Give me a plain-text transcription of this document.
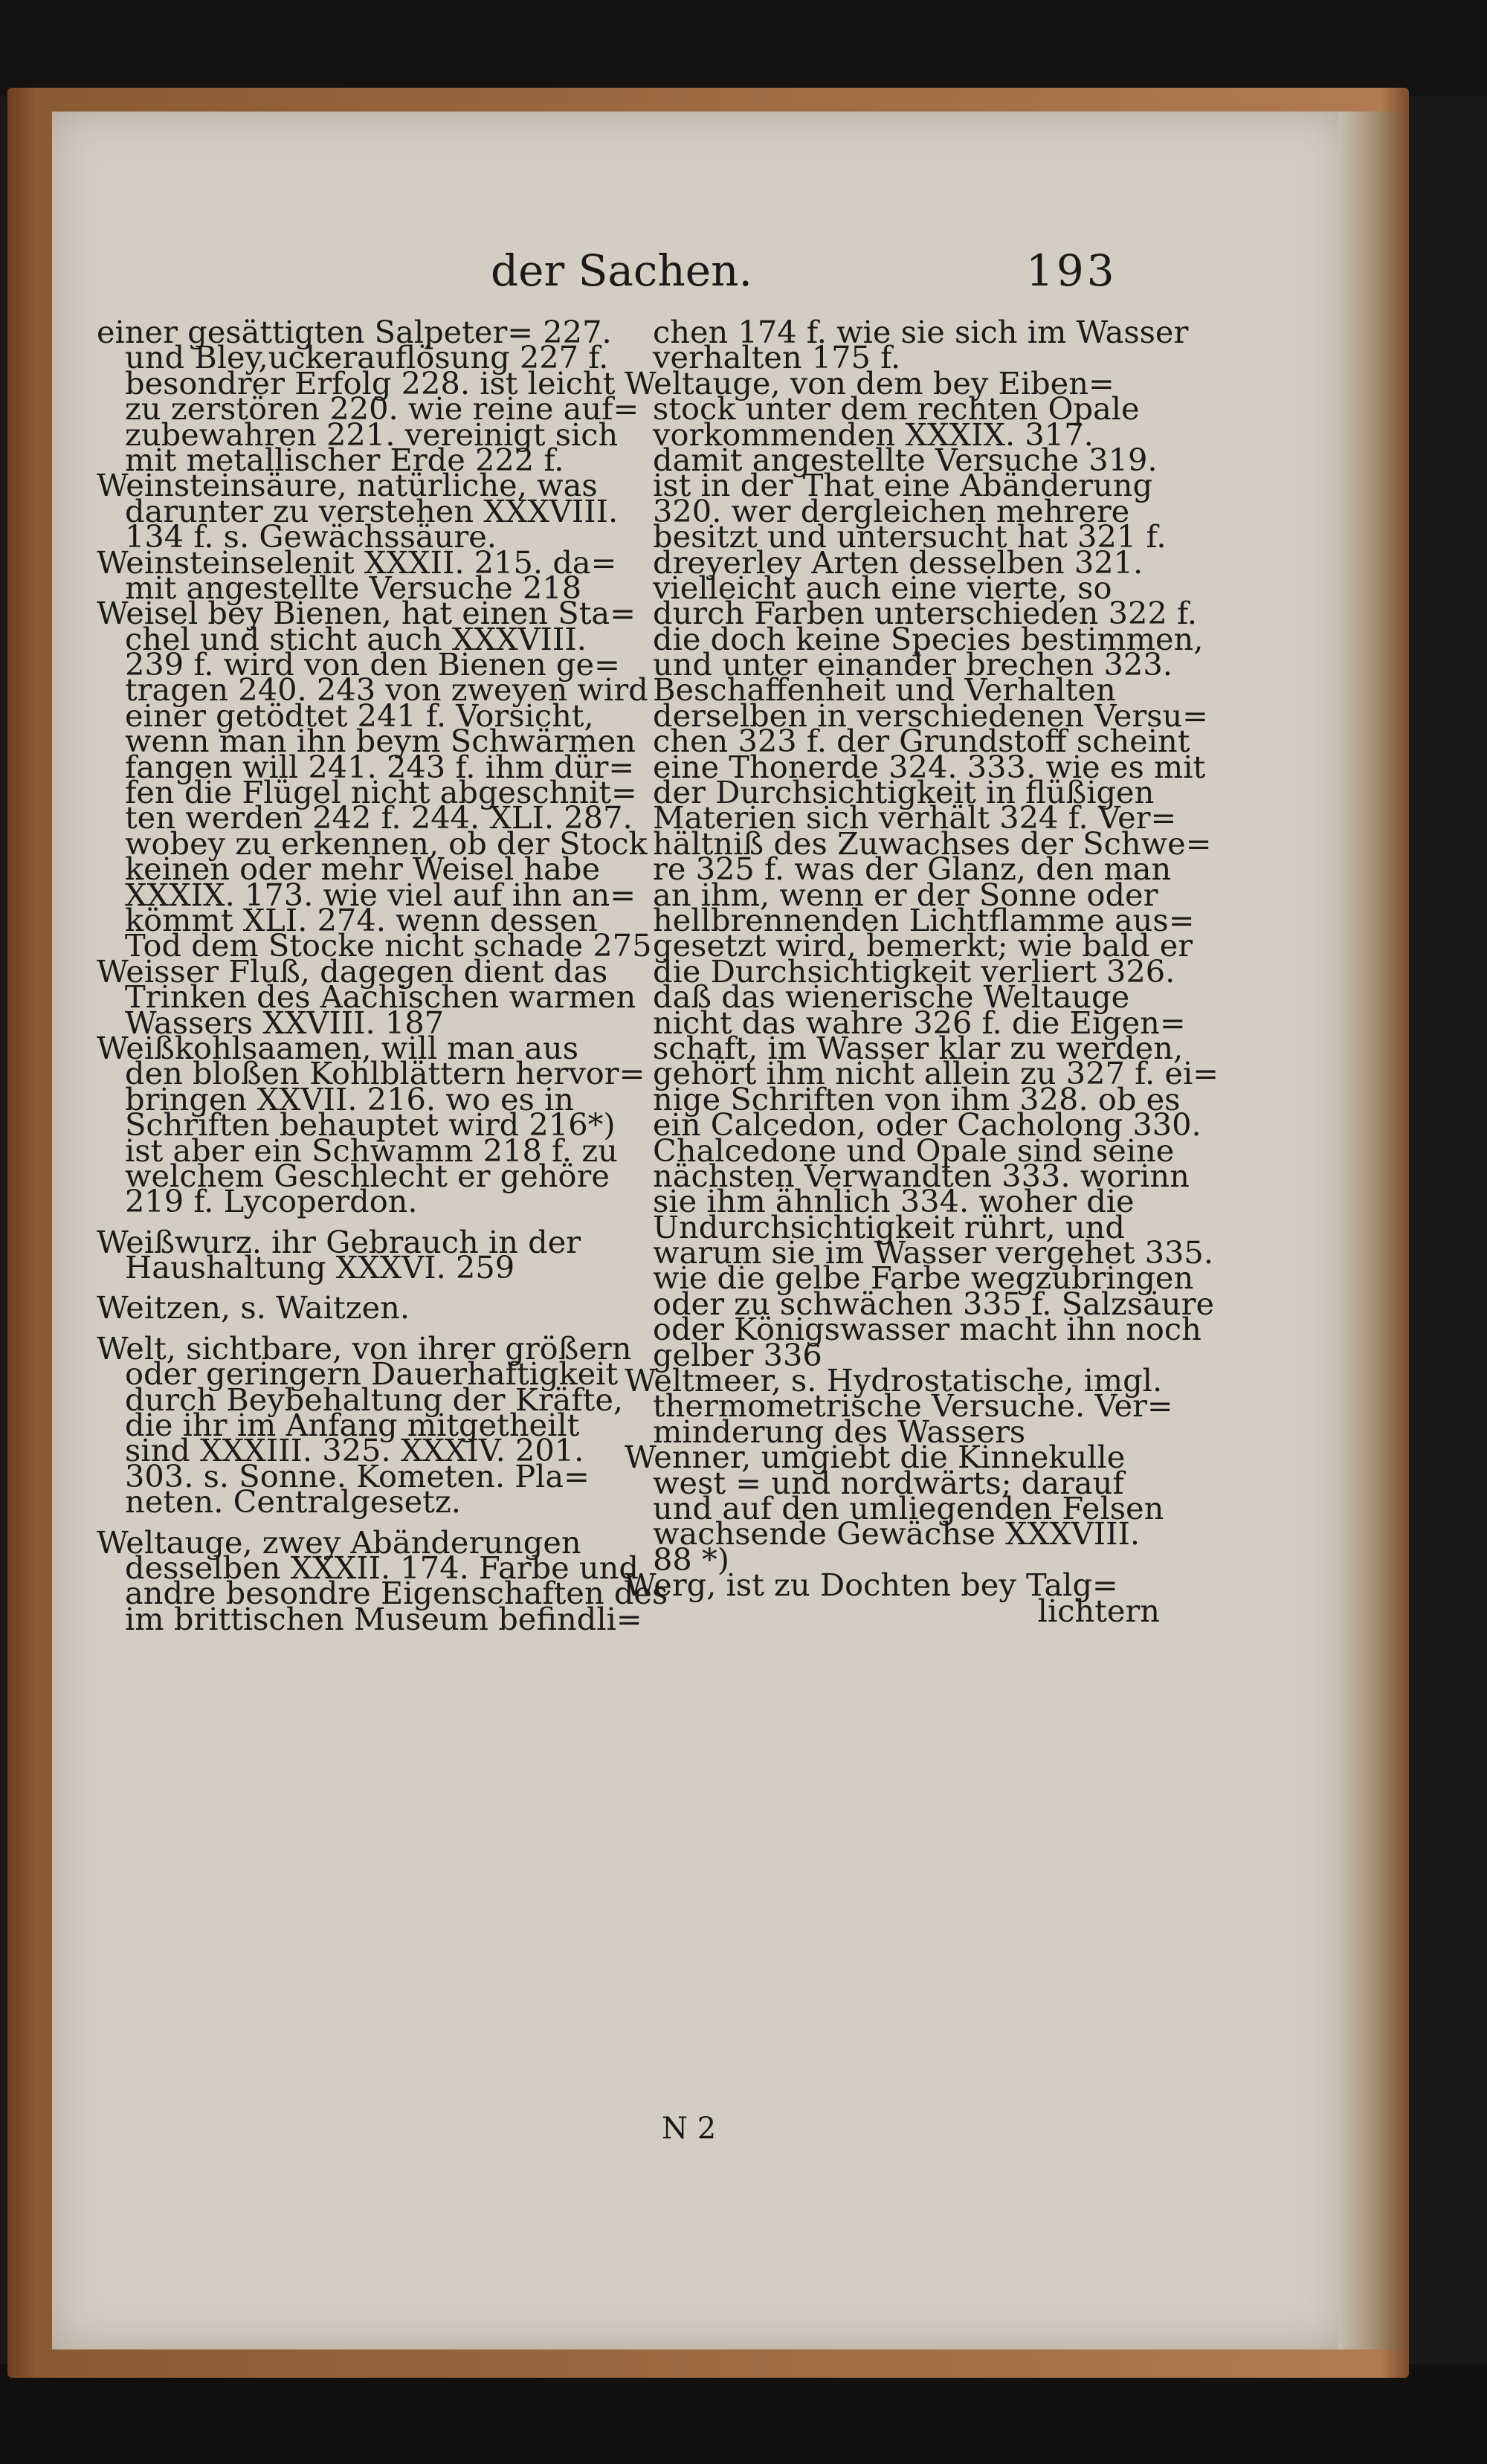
der Sachen.	193
einer gesättigten Salpeter= 227.
und Bley,uckerauflösung 227 f.
besondrer Erfolg 228. ist leicht
zu zerstören 220. wie reine auf=
zubewahren 221. vereinigt sich
mit metallischer Erde 222 f.
Weinsteinsäure, natürliche, was
darunter zu verstehen XXXVIII.
134 f. s. Gewächssäure.
Weinsteinselenit XXXII. 215. da=
mit angestellte Versuche 218
Weisel bey Bienen, hat einen Sta=
chel und sticht auch XXXVIII.
239 f. wird von den Bienen ge=
tragen 240. 243 von zweyen wird
einer getödtet 241 f. Vorsicht,
wenn man ihn beym Schwärmen
fangen will 241. 243 f. ihm dür=
fen die Flügel nicht abgeschnit=
ten werden 242 f. 244. XLI. 287.
wobey zu erkennen, ob der Stock
keinen oder mehr Weisel habe
XXXIX. 173. wie viel auf ihn an=
kömmt XLI. 274. wenn dessen
Tod dem Stocke nicht schade 275
Weisser Fluß, dagegen dient das
Trinken des Aachischen warmen
Wassers XXVIII. 187
Weißkohlsaamen, will man aus
den bloßen Kohlblättern hervor=
bringen XXVII. 216. wo es in
Schriften behauptet wird 216*)
ist aber ein Schwamm 218 f. zu
welchem Geschlecht er gehöre
219 f. Lycoperdon.
Weißwurz. ihr Gebrauch in der
Haushaltung XXXVI. 259
Weitzen, s. Waitzen.
Welt, sichtbare, von ihrer größern
oder geringern Dauerhaftigkeit
durch Beybehaltung der Kräfte,
die ihr im Anfang mitgetheilt
sind XXXIII. 325. XXXIV. 201.
303. s. Sonne. Kometen. Pla=
neten. Centralgesetz.
Weltauge, zwey Abänderungen
desselben XXXII. 174. Farbe und
andre besondre Eigenschaften des
im brittischen Museum befindli=
chen 174 f. wie sie sich im Wasser
verhalten 175 f.
Weltauge, von dem bey Eiben=
stock unter dem rechten Opale
vorkommenden XXXIX. 317.
damit angestellte Versuche 319.
ist in der That eine Abänderung
320. wer dergleichen mehrere
besitzt und untersucht hat 321 f.
dreyerley Arten desselben 321.
vielleicht auch eine vierte, so
durch Farben unterschieden 322 f.
die doch keine Species bestimmen,
und unter einander brechen 323.
Beschaffenheit und Verhalten
derselben in verschiedenen Versu=
chen 323 f. der Grundstoff scheint
eine Thonerde 324. 333. wie es mit
der Durchsichtigkeit in flüßigen
Materien sich verhält 324 f. Ver=
hältniß des Zuwachses der Schwe=
re 325 f. was der Glanz, den man
an ihm, wenn er der Sonne oder
hellbrennenden Lichtflamme aus=
gesetzt wird, bemerkt; wie bald er
die Durchsichtigkeit verliert 326.
daß das wienerische Weltauge
nicht das wahre 326 f. die Eigen=
schaft, im Wasser klar zu werden,
gehört ihm nicht allein zu 327 f. ei=
nige Schriften von ihm 328. ob es
ein Calcedon, oder Cacholong 330.
Chalcedone und Opale sind seine
nächsten Verwandten 333. worinn
sie ihm ähnlich 334. woher die
Undurchsichtigkeit rührt, und
warum sie im Wasser vergehet 335.
wie die gelbe Farbe wegzubringen
oder zu schwächen 335 f. Salzsäure
oder Königswasser macht ihn noch
gelber 336
Weltmeer, s. Hydrostatische, imgl.
thermometrische Versuche. Ver=
minderung des Wassers
Wenner, umgiebt die Kinnekulle
west = und nordwärts; darauf
und auf den umliegenden Felsen
wachsende Gewächse XXXVIII.
88 *)
Werg, ist zu Dochten bey Talg=
lichtern
N 2
